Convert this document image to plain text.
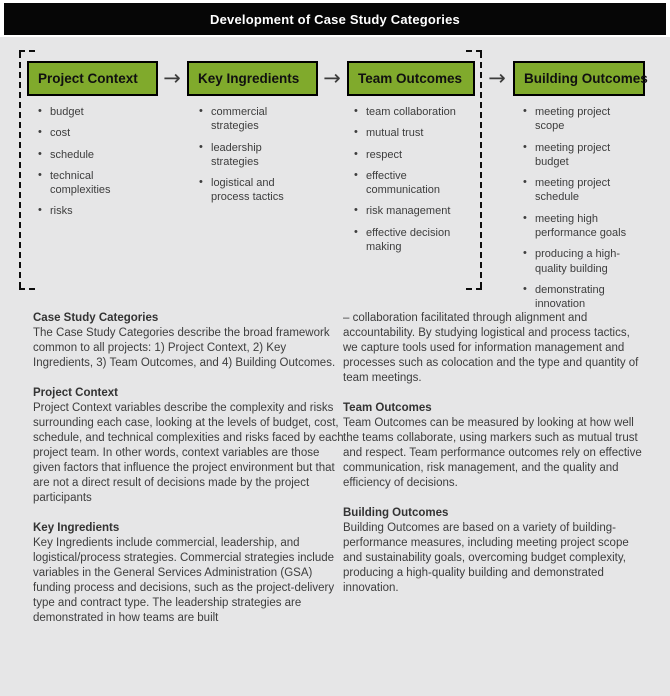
Development of Case Study Categories
Project Context →	Key Ingredients →	Team Outcomes →	Building Outcomes
• budget
• cost
• schedule
• technical complexities
• risks
• commercial strategies
• leadership strategies
• logistical and process tactics
• team collaboration
• mutual trust
• respect
• effective communication
• risk management
• effective decision making
• meeting project scope
• meeting project budget
• meeting project schedule
• meeting high performance goals
• producing a high-quality building
• demonstrating innovation
Case Study Categories
The Case Study Categories describe the broad framework common to all projects: 1) Project Context, 2) Key Ingredients, 3) Team Outcomes, and 4) Building Outcomes.
Project Context
Project Context variables describe the complexity and risks surrounding each case, looking at the levels of budget, cost, schedule, and technical complexities and risks faced by each project team. In other words, context variables are those given factors that influence the project environment but that are not a direct result of decisions made by the project participants
Key Ingredients
Key Ingredients include commercial, leadership, and logistical/process strategies. Commercial strategies include variables in the General Services Administration (GSA) funding process and decisions, such as the project-delivery type and contract type. The leadership strategies are demonstrated in how teams are built
– collaboration facilitated through alignment and accountability. By studying logistical and process tactics, we capture tools used for information management and processes such as colocation and the type and quantity of team meetings.
Team Outcomes
Team Outcomes can be measured by looking at how well the teams collaborate, using markers such as mutual trust and respect. Team performance outcomes rely on effective communication, risk management, and the quality and efficiency of decisions.
Building Outcomes
Building Outcomes are based on a variety of building-performance measures, including meeting project scope and sustainability goals, overcoming budget complexity, producing a high-quality building and demonstrated innovation.
